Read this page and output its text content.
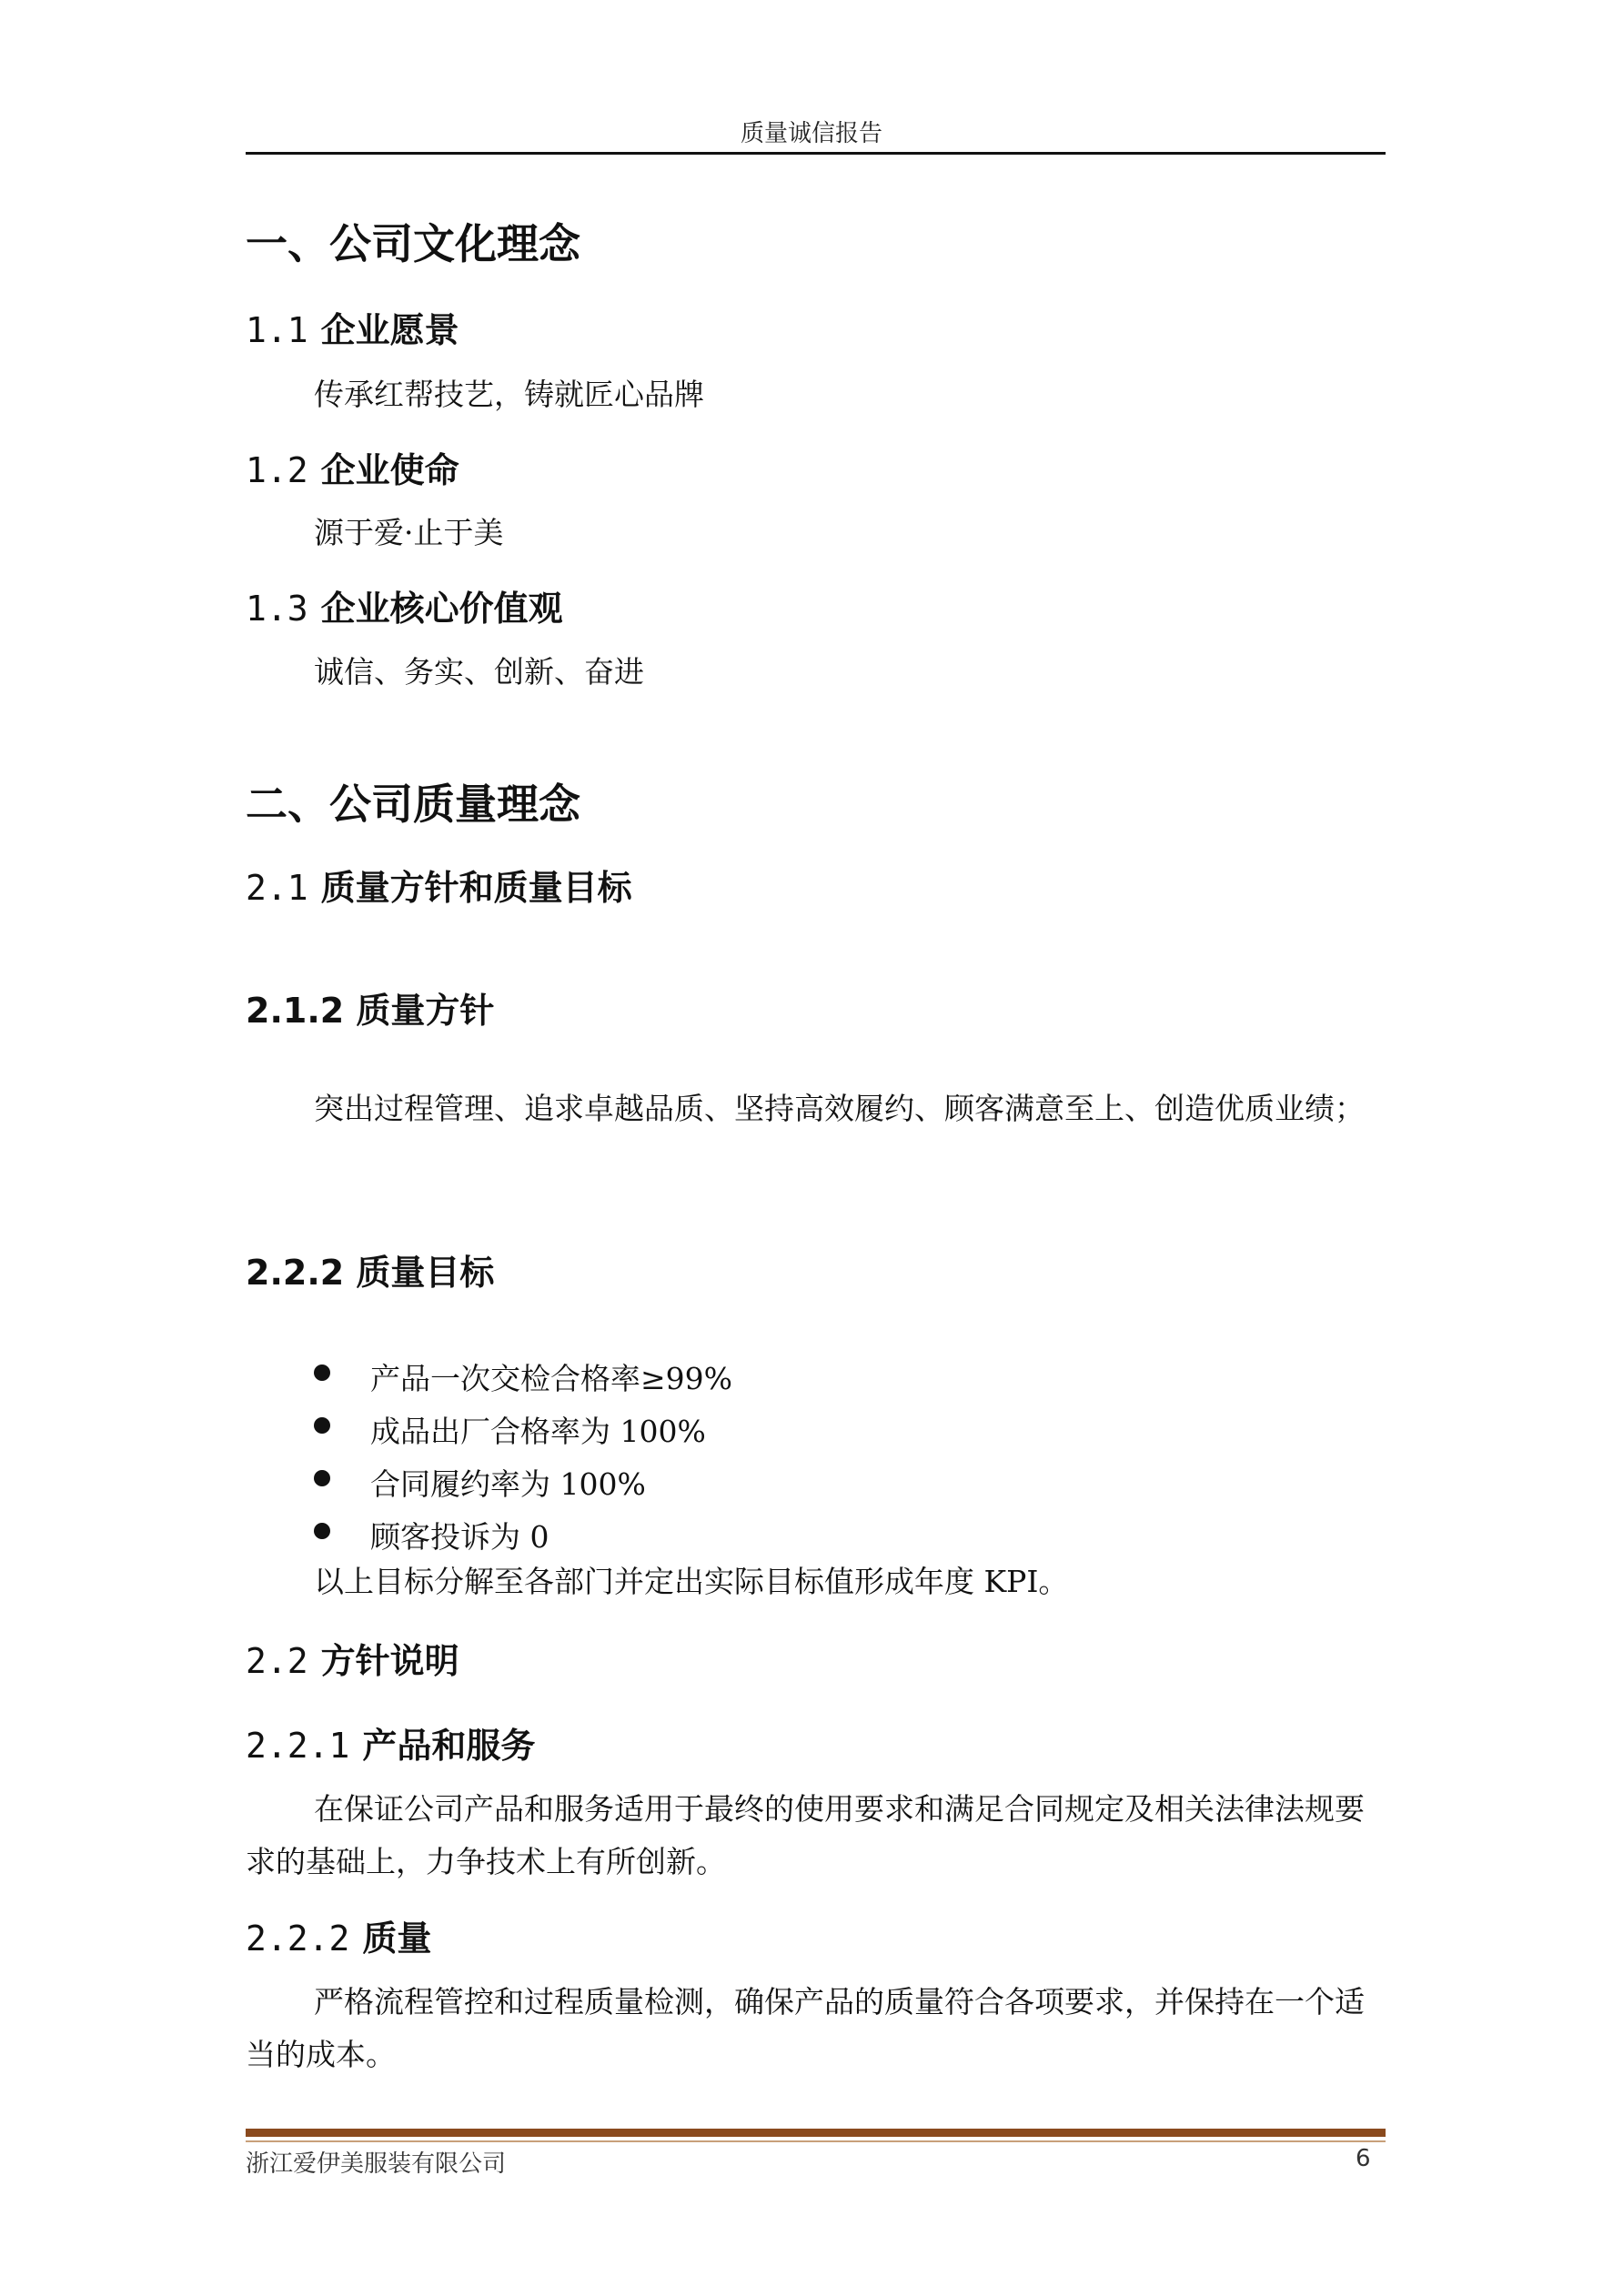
质量诚信报告
一、公司文化理念
1.1 企业愿景
传承红帮技艺，铸就匠心品牌
1.2 企业使命
源于爱·止于美
1.3 企业核心价值观
诚信、务实、创新、奋进
二、公司质量理念
2.1 质量方针和质量目标
2.1.2 质量方针
突出过程管理、追求卓越品质、坚持高效履约、顾客满意至上、创造优质业绩；
2.2.2 质量目标
产品一次交检合格率≥99%
成品出厂合格率为 100%
合同履约率为 100%
顾客投诉为 0
以上目标分解至各部门并定出实际目标值形成年度 KPI。
2.2 方针说明
2.2.1 产品和服务
在保证公司产品和服务适用于最终的使用要求和满足合同规定及相关法律法规要求的基础上，力争技术上有所创新。
2.2.2 质量
严格流程管控和过程质量检测，确保产品的质量符合各项要求，并保持在一个适当的成本。
浙江爱伊美服装有限公司	6
